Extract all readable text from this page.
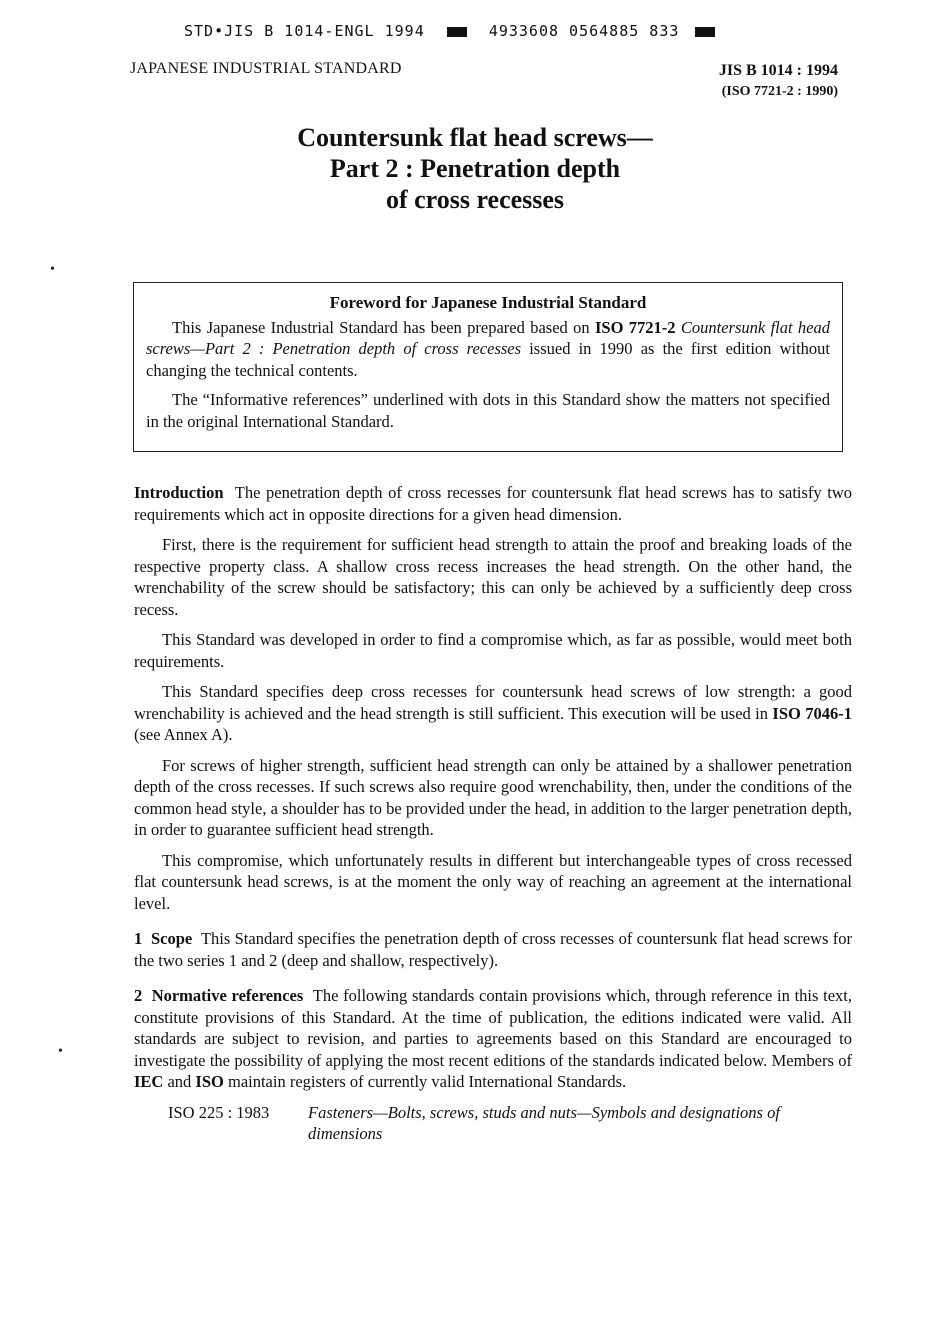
STD•JIS B 1014-ENGL 1994	4933608 0564885 833
JAPANESE INDUSTRIAL STANDARD	JIS B 1014 : 1994
(ISO 7721-2 : 1990)
Countersunk flat head screws—
Part 2 : Penetration depth
of cross recesses
•
•
Foreword for Japanese Industrial Standard

This Japanese Industrial Standard has been prepared based on ISO 7721-2 Countersunk flat head screws—Part 2 : Penetration depth of cross recesses issued in 1990 as the first edition without changing the technical contents.

The “Informative references” underlined with dots in this Standard show the matters not specified in the original International Standard.

Introduction The penetration depth of cross recesses for countersunk flat head screws has to satisfy two requirements which act in opposite directions for a given head dimension.

First, there is the requirement for sufficient head strength to attain the proof and breaking loads of the respective property class. A shallow cross recess increases the head strength. On the other hand, the wrenchability of the screw should be satisfactory; this can only be achieved by a sufficiently deep cross recess.

This Standard was developed in order to find a compromise which, as far as possible, would meet both requirements.

This Standard specifies deep cross recesses for countersunk head screws of low strength: a good wrenchability is achieved and the head strength is still sufficient. This execution will be used in ISO 7046-1 (see Annex A).

For screws of higher strength, sufficient head strength can only be attained by a shallower penetration depth of the cross recesses. If such screws also require good wrenchability, then, under the conditions of the common head style, a shoulder has to be provided under the head, in addition to the larger penetration depth, in order to guarantee sufficient head strength.

This compromise, which unfortunately results in different but interchangeable types of cross recessed flat countersunk head screws, is at the moment the only way of reaching an agreement at the international level.

1 Scope This Standard specifies the penetration depth of cross recesses of countersunk flat head screws for the two series 1 and 2 (deep and shallow, respectively).

2 Normative references The following standards contain provisions which, through reference in this text, constitute provisions of this Standard. At the time of publication, the editions indicated were valid. All standards are subject to revision, and parties to agreements based on this Standard are encouraged to investigate the possibility of applying the most recent editions of the standards indicated below. Members of IEC and ISO maintain registers of currently valid International Standards.

ISO 225 : 1983	Fasteners—Bolts, screws, studs and nuts—Symbols and designations of dimensions
